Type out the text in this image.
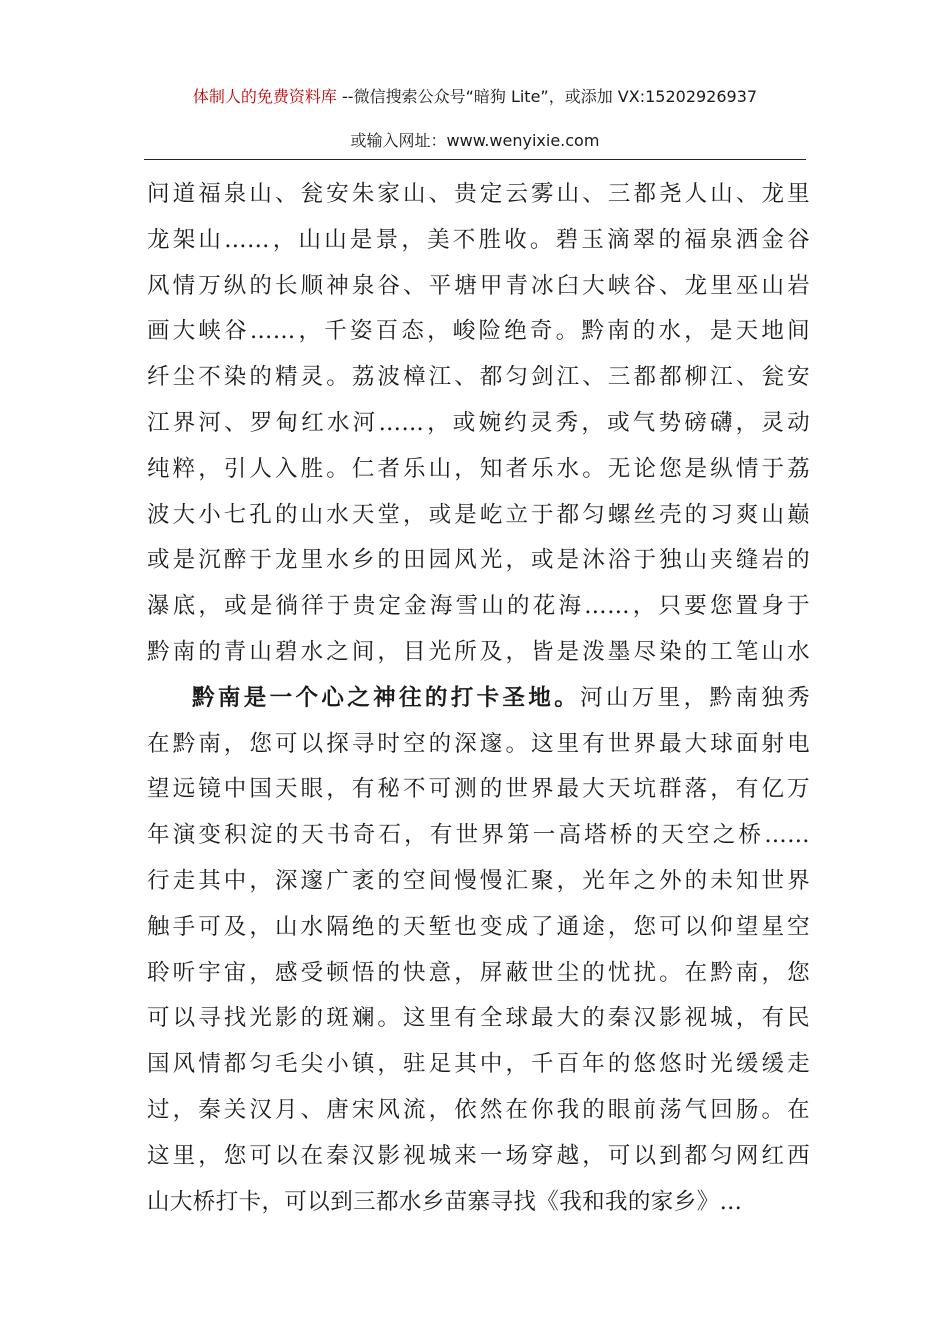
体制人的免费资料库 --微信搜索公众号“暗狗 Lite”，或添加 VX:15202926937
或输入网址：www.wenyixie.com
问道福泉山、瓮安朱家山、贵定云雾山、三都尧人山、龙里
龙架山……，山山是景，美不胜收。碧玉滴翠的福泉洒金谷
风情万纵的长顺神泉谷、平塘甲青冰臼大峡谷、龙里巫山岩
画大峡谷……，千姿百态，峻险绝奇。黔南的水，是天地间
纤尘不染的精灵。荔波樟江、都匀剑江、三都都柳江、瓮安
江界河、罗甸红水河……，或婉约灵秀，或气势磅礴，灵动
纯粹，引人入胜。仁者乐山，知者乐水。无论您是纵情于荔
波大小七孔的山水天堂，或是屹立于都匀螺丝壳的习爽山巅
或是沉醉于龙里水乡的田园风光，或是沐浴于独山夹缝岩的
瀑底，或是徜徉于贵定金海雪山的花海……，只要您置身于
黔南的青山碧水之间，目光所及，皆是泼墨尽染的工笔山水
黔南是一个心之神往的打卡圣地。河山万里，黔南独秀
在黔南，您可以探寻时空的深邃。这里有世界最大球面射电
望远镜中国天眼，有秘不可测的世界最大天坑群落，有亿万
年演变积淀的天书奇石，有世界第一高塔桥的天空之桥……
行走其中，深邃广袤的空间慢慢汇聚，光年之外的未知世界
触手可及，山水隔绝的天堑也变成了通途，您可以仰望星空
聆听宇宙，感受顿悟的快意，屏蔽世尘的忧扰。在黔南，您
可以寻找光影的斑斓。这里有全球最大的秦汉影视城，有民
国风情都匀毛尖小镇，驻足其中，千百年的悠悠时光缓缓走
过，秦关汉月、唐宋风流，依然在你我的眼前荡气回肠。在
这里，您可以在秦汉影视城来一场穿越，可以到都匀网红西
山大桥打卡，可以到三都水乡苗寨寻找《我和我的家乡》…
